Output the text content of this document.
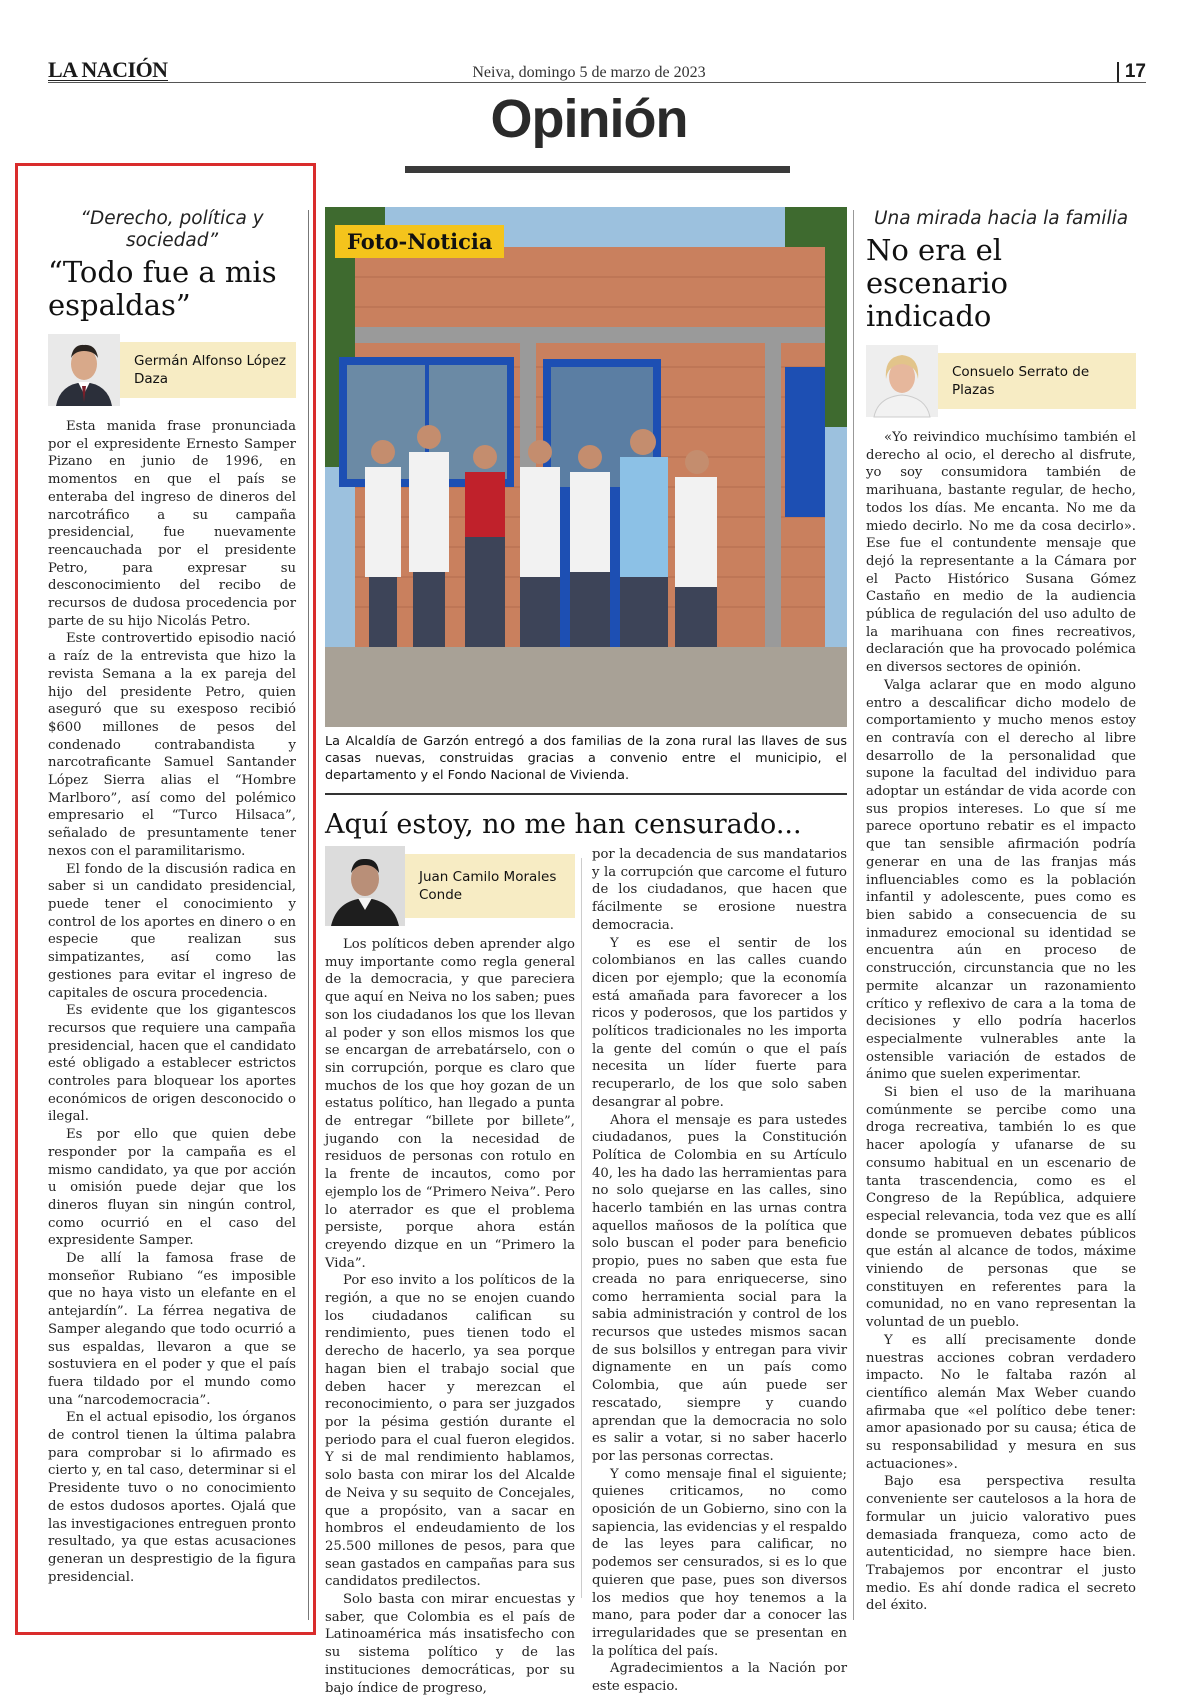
LA NACIÓN	Neiva, domingo 5 de marzo de 2023	17
Opinión
“Derecho, política y sociedad”
“Todo fue a mis espaldas”
Germán Alfonso López Daza

Esta manida frase pronunciada por el expresidente Ernesto Samper Pizano en junio de 1996, en momentos en que el país se enteraba del ingreso de dineros del narcotráfico a su campaña presidencial, fue nuevamente reencauchada por el presidente Petro, para expresar su desconocimiento del recibo de recursos de dudosa procedencia por parte de su hijo Nicolás Petro.

Este controvertido episodio nació a raíz de la entrevista que hizo la revista Semana a la ex pareja del hijo del presidente Petro, quien aseguró que su exesposo recibió $600 millones de pesos del condenado contrabandista y narcotraficante Samuel Santander López Sierra alias el “Hombre Marlboro”, así como del polémico empresario el “Turco Hilsaca”, señalado de presuntamente tener nexos con el paramilitarismo.

El fondo de la discusión radica en saber si un candidato presidencial, puede tener el conocimiento y control de los aportes en dinero o en especie que realizan sus simpatizantes, así como las gestiones para evitar el ingreso de capitales de oscura procedencia.

Es evidente que los gigantescos recursos que requiere una campaña presidencial, hacen que el candidato esté obligado a establecer estrictos controles para bloquear los aportes económicos de origen desconocido o ilegal.

Es por ello que quien debe responder por la campaña es el mismo candidato, ya que por acción u omisión puede dejar que los dineros fluyan sin ningún control, como ocurrió en el caso del expresidente Samper.

De allí la famosa frase de monseñor Rubiano “es imposible que no haya visto un elefante en el antejardín”. La férrea negativa de Samper alegando que todo ocurrió a sus espaldas, llevaron a que se sostuviera en el poder y que el país fuera tildado por el mundo como una “narcodemocracia”.

En el actual episodio, los órganos de control tienen la última palabra para comprobar si lo afirmado es cierto y, en tal caso, determinar si el Presidente tuvo o no conocimiento de estos dudosos aportes. Ojalá que las investigaciones entreguen pronto resultado, ya que estas acusaciones generan un desprestigio de la figura presidencial.

Foto-Noticia
La Alcaldía de Garzón entregó a dos familias de la zona rural las llaves de sus casas nuevas, construidas gracias a convenio entre el municipio, el departamento y el Fondo Nacional de Vivienda.
Aquí estoy, no me han censurado...
Juan Camilo Morales Conde

Los políticos deben aprender algo muy importante como regla general de la democracia, y que pareciera que aquí en Neiva no los saben; pues son los ciudadanos los que los llevan al poder y son ellos mismos los que se encargan de arrebatárselo, con o sin corrupción, porque es claro que muchos de los que hoy gozan de un estatus político, han llegado a punta de entregar “billete por billete”, jugando con la necesidad de residuos de personas con rotulo en la frente de incautos, como por ejemplo los de “Primero Neiva”. Pero lo aterrador es que el problema persiste, porque ahora están creyendo dizque en un “Primero la Vida”.

Por eso invito a los políticos de la región, a que no se enojen cuando los ciudadanos califican su rendimiento, pues tienen todo el derecho de hacerlo, ya sea porque hagan bien el trabajo social que deben hacer y merezcan el reconocimiento, o para ser juzgados por la pésima gestión durante el periodo para el cual fueron elegidos. Y si de mal rendimiento hablamos, solo basta con mirar los del Alcalde de Neiva y su sequito de Concejales, que a propósito, van a sacar en hombros el endeudamiento de los 25.500 millones de pesos, para que sean gastados en campañas para sus candidatos predilectos.

Solo basta con mirar encuestas y saber, que Colombia es el país de Latinoamérica más insatisfecho con su sistema político y de las instituciones democráticas, por su bajo índice de progreso,

por la decadencia de sus mandatarios y la corrupción que carcome el futuro de los ciudadanos, que hacen que fácilmente se erosione nuestra democracia.

Y es ese el sentir de los colombianos en las calles cuando dicen por ejemplo; que la economía está amañada para favorecer a los ricos y poderosos, que los partidos y políticos tradicionales no les importa la gente del común o que el país necesita un líder fuerte para recuperarlo, de los que solo saben desangrar al pobre.

Ahora el mensaje es para ustedes ciudadanos, pues la Constitución Política de Colombia en su Artículo 40, les ha dado las herramientas para no solo quejarse en las calles, sino hacerlo también en las urnas contra aquellos mañosos de la política que solo buscan el poder para beneficio propio, pues no saben que esta fue creada no para enriquecerse, sino como herramienta social para la sabia administración y control de los recursos que ustedes mismos sacan de sus bolsillos y entregan para vivir dignamente en un país como Colombia, que aún puede ser rescatado, siempre y cuando aprendan que la democracia no solo es salir a votar, si no saber hacerlo por las personas correctas.

Y como mensaje final el siguiente; quienes criticamos, no como oposición de un Gobierno, sino con la sapiencia, las evidencias y el respaldo de las leyes para calificar, no podemos ser censurados, si es lo que quieren que pase, pues son diversos los medios que hoy tenemos a la mano, para poder dar a conocer las irregularidades que se presentan en la política del país.

Agradecimientos a la Nación por este espacio.

Una mirada hacia la familia
No era el escenario indicado
Consuelo Serrato de Plazas

«Yo reivindico muchísimo también el derecho al ocio, el derecho al disfrute, yo soy consumidora también de marihuana, bastante regular, de hecho, todos los días. Me encanta. No me da miedo decirlo. No me da cosa decirlo». Ese fue el contundente mensaje que dejó la representante a la Cámara por el Pacto Histórico Susana Gómez Castaño en medio de la audiencia pública de regulación del uso adulto de la marihuana con fines recreativos, declaración que ha provocado polémica en diversos sectores de opinión.

Valga aclarar que en modo alguno entro a descalificar dicho modelo de comportamiento y mucho menos estoy en contravía con el derecho al libre desarrollo de la personalidad que supone la facultad del individuo para adoptar un estándar de vida acorde con sus propios intereses. Lo que sí me parece oportuno rebatir es el impacto que tan sensible afirmación podría generar en una de las franjas más influenciables como es la población infantil y adolescente, pues como es bien sabido a consecuencia de su inmadurez emocional su identidad se encuentra aún en proceso de construcción, circunstancia que no les permite alcanzar un razonamiento crítico y reflexivo de cara a la toma de decisiones y ello podría hacerlos especialmente vulnerables ante la ostensible variación de estados de ánimo que suelen experimentar.

Si bien el uso de la marihuana comúnmente se percibe como una droga recreativa, también lo es que hacer apología y ufanarse de su consumo habitual en un escenario de tanta trascendencia, como es el Congreso de la República, adquiere especial relevancia, toda vez que es allí donde se promueven debates públicos que están al alcance de todos, máxime viniendo de personas que se constituyen en referentes para la comunidad, no en vano representan la voluntad de un pueblo.

Y es allí precisamente donde nuestras acciones cobran verdadero impacto. No le faltaba razón al científico alemán Max Weber cuando afirmaba que «el político debe tener: amor apasionado por su causa; ética de su responsabilidad y mesura en sus actuaciones».

Bajo esa perspectiva resulta conveniente ser cautelosos a la hora de formular un juicio valorativo pues demasiada franqueza, como acto de autenticidad, no siempre hace bien. Trabajemos por encontrar el justo medio. Es ahí donde radica el secreto del éxito.
